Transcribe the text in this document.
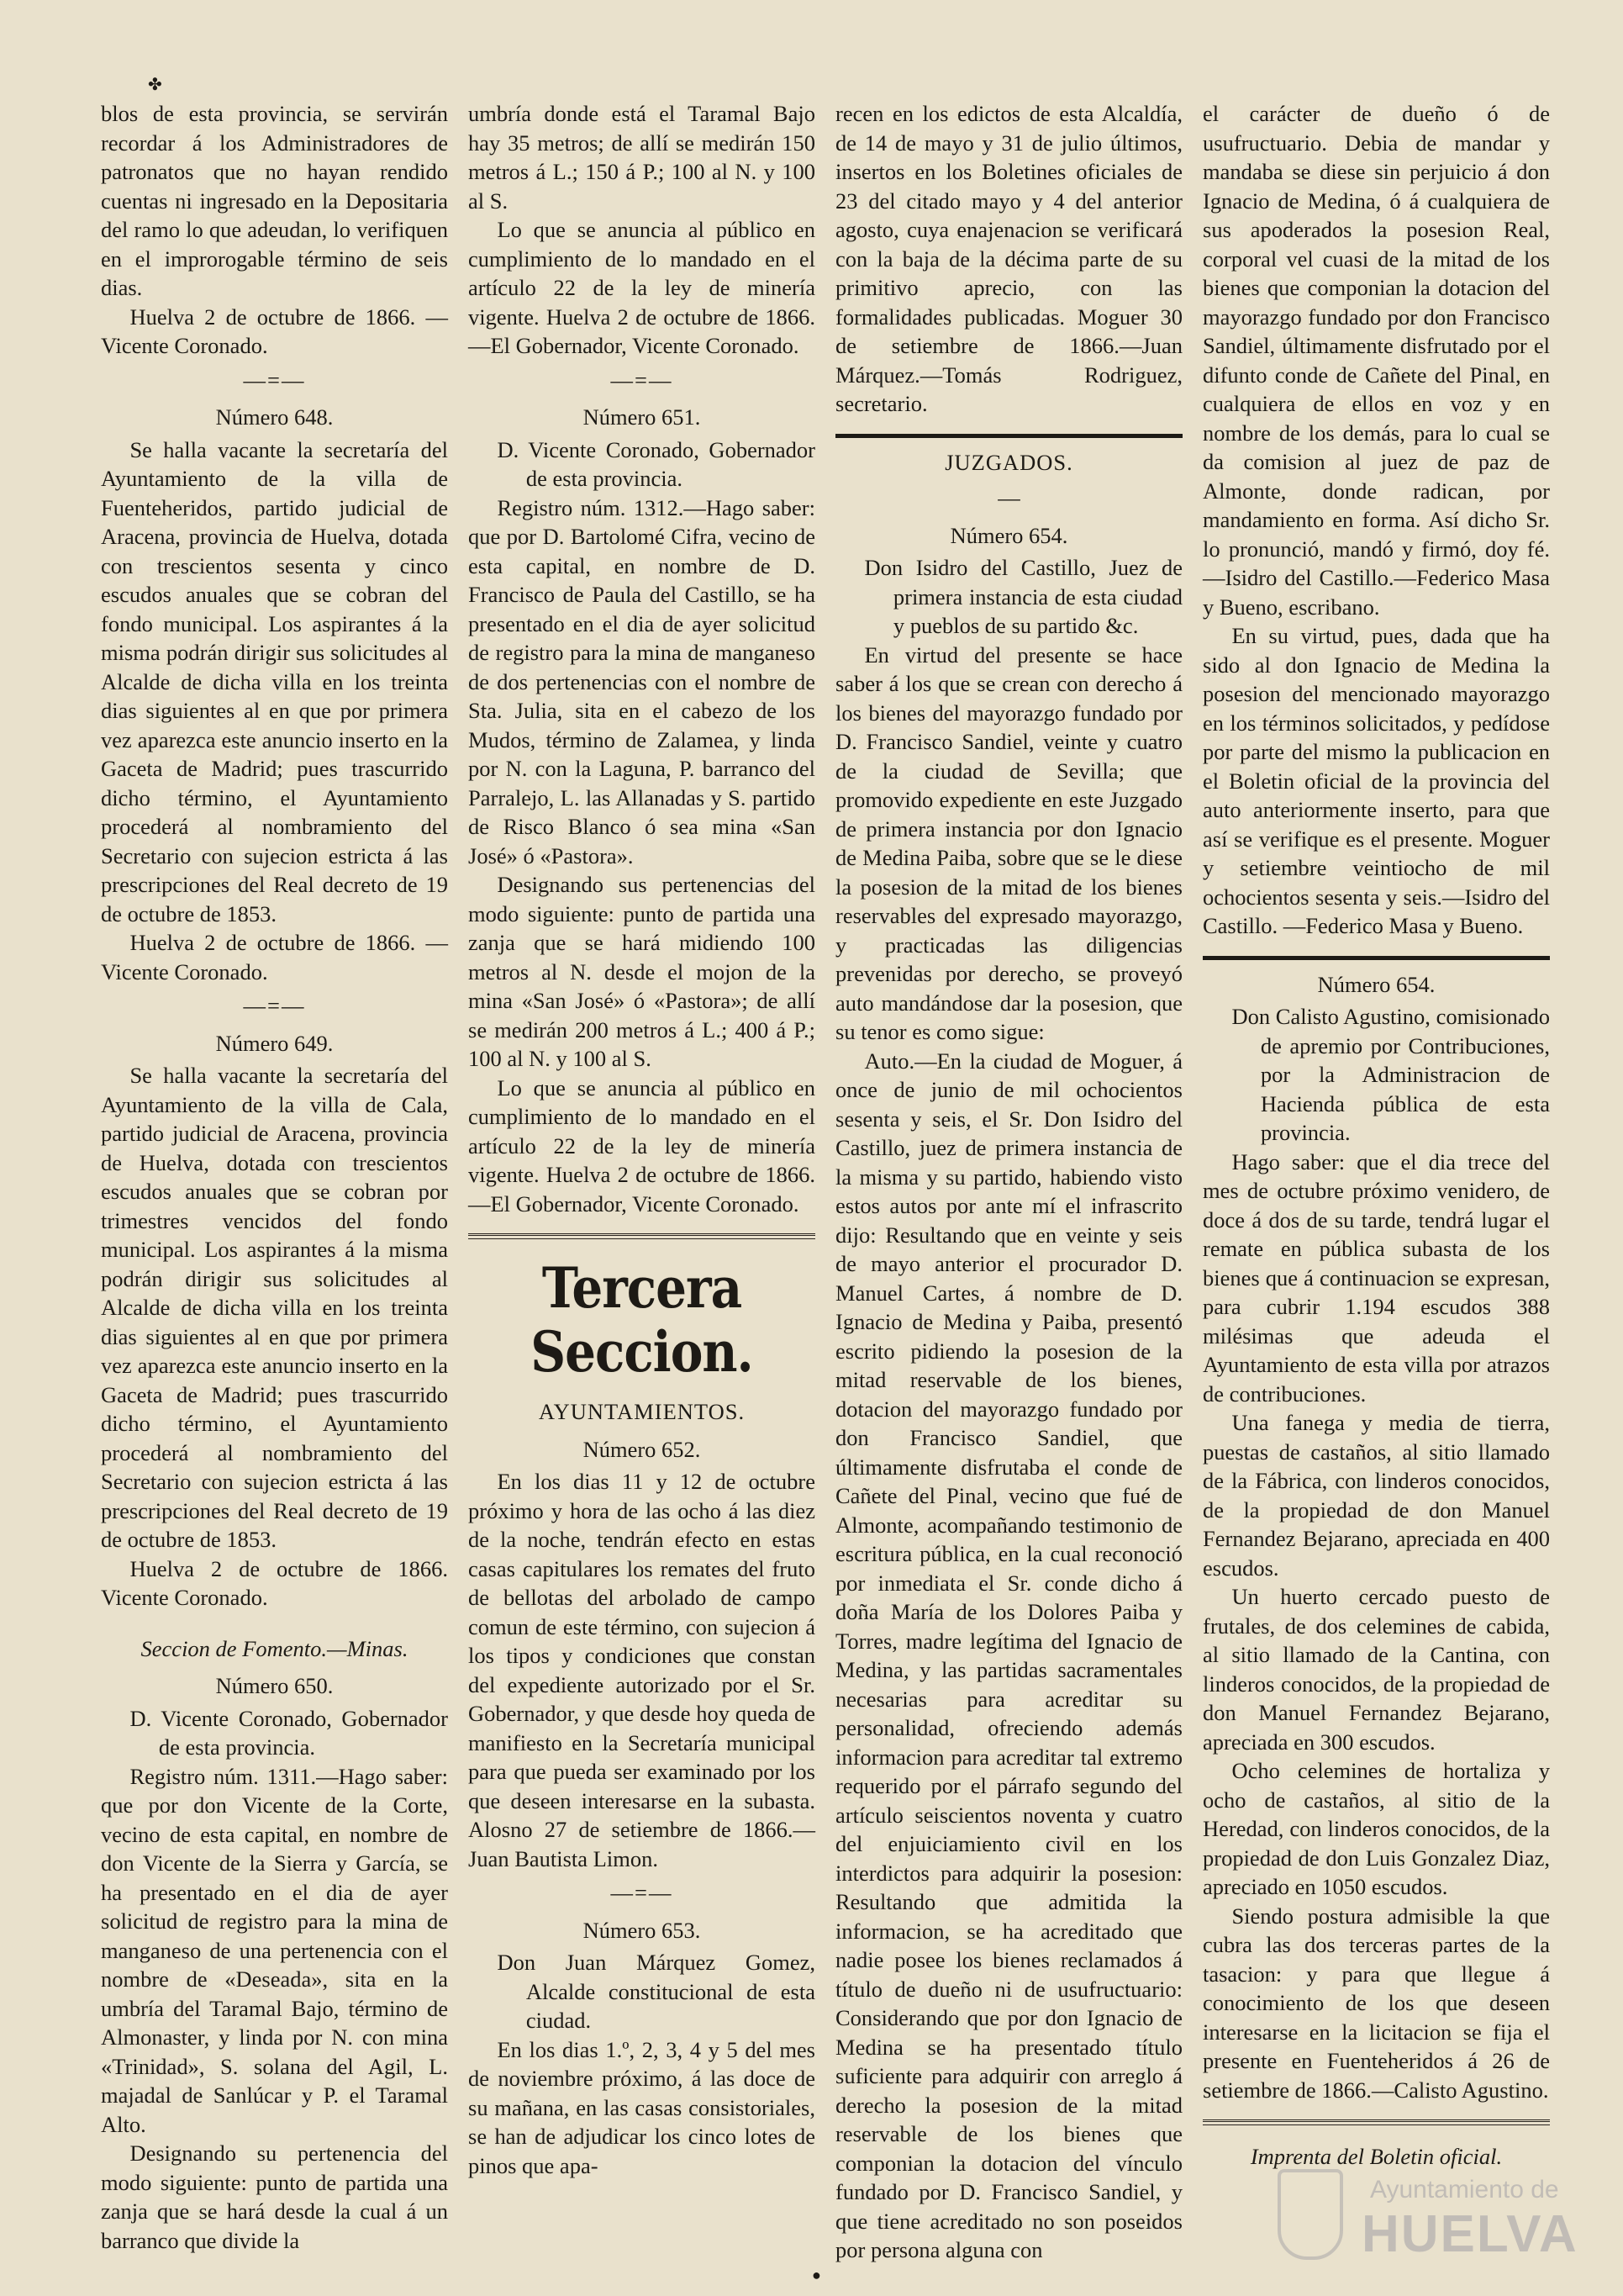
✤

blos de esta provincia, se servirán recordar á los Administradores de patronatos que no hayan rendido cuentas ni ingresado en la Depositaria del ramo lo que adeudan, lo verifiquen en el improrogable término de seis dias.

Huelva 2 de octubre de 1866. —Vicente Coronado.

—=—
Número 648.

Se halla vacante la secretaría del Ayuntamiento de la villa de Fuenteheridos, partido judicial de Aracena, provincia de Huelva, dotada con trescientos sesenta y cinco escudos anuales que se cobran del fondo municipal. Los aspirantes á la misma podrán dirigir sus solicitudes al Alcalde de dicha villa en los treinta dias siguientes al en que por primera vez aparezca este anuncio inserto en la Gaceta de Madrid; pues trascurrido dicho término, el Ayuntamiento procederá al nombramiento del Secretario con sujecion estricta á las prescripciones del Real decreto de 19 de octubre de 1853.

Huelva 2 de octubre de 1866. —Vicente Coronado.

—=—
Número 649.

Se halla vacante la secretaría del Ayuntamiento de la villa de Cala, partido judicial de Aracena, provincia de Huelva, dotada con trescientos escudos anuales que se cobran por trimestres vencidos del fondo municipal. Los aspirantes á la misma podrán dirigir sus solicitudes al Alcalde de dicha villa en los treinta dias siguientes al en que por primera vez aparezca este anuncio inserto en la Gaceta de Madrid; pues trascurrido dicho término, el Ayuntamiento procederá al nombramiento del Secretario con sujecion estricta á las prescripciones del Real decreto de 19 de octubre de 1853.

Huelva 2 de octubre de 1866. Vicente Coronado.

Seccion de Fomento.—Minas.
Número 650.

D. Vicente Coronado, Gobernador de esta provincia.

Registro núm. 1311.—Hago saber: que por don Vicente de la Corte, vecino de esta capital, en nombre de don Vicente de la Sierra y García, se ha presentado en el dia de ayer solicitud de registro para la mina de manganeso de una pertenencia con el nombre de «Deseada», sita en la umbría del Taramal Bajo, término de Almonaster, y linda por N. con mina «Trinidad», S. solana del Agil, L. majadal de Sanlúcar y P. el Taramal Alto.

Designando su pertenencia del modo siguiente: punto de partida una zanja que se hará desde la cual á un barranco que divide la

umbría donde está el Taramal Bajo hay 35 metros; de allí se medirán 150 metros á L.; 150 á P.; 100 al N. y 100 al S.

Lo que se anuncia al público en cumplimiento de lo mandado en el artículo 22 de la ley de minería vigente. Huelva 2 de octubre de 1866.—El Gobernador, Vicente Coronado.

—=—
Número 651.

D. Vicente Coronado, Gobernador de esta provincia.

Registro núm. 1312.—Hago saber: que por D. Bartolomé Cifra, vecino de esta capital, en nombre de D. Francisco de Paula del Castillo, se ha presentado en el dia de ayer solicitud de registro para la mina de manganeso de dos pertenencias con el nombre de Sta. Julia, sita en el cabezo de los Mudos, término de Zalamea, y linda por N. con la Laguna, P. barranco del Parralejo, L. las Allanadas y S. partido de Risco Blanco ó sea mina «San José» ó «Pastora».

Designando sus pertenencias del modo siguiente: punto de partida una zanja que se hará midiendo 100 metros al N. desde el mojon de la mina «San José» ó «Pastora»; de allí se medirán 200 metros á L.; 400 á P.; 100 al N. y 100 al S.

Lo que se anuncia al público en cumplimiento de lo mandado en el artículo 22 de la ley de minería vigente. Huelva 2 de octubre de 1866.—El Gobernador, Vicente Coronado.

Tercera Seccion.
AYUNTAMIENTOS.
Número 652.

En los dias 11 y 12 de octubre próximo y hora de las ocho á las diez de la noche, tendrán efecto en estas casas capitulares los remates del fruto de bellotas del arbolado de campo comun de este término, con sujecion á los tipos y condiciones que constan del expediente autorizado por el Sr. Gobernador, y que desde hoy queda de manifiesto en la Secretaría municipal para que pueda ser examinado por los que deseen interesarse en la subasta. Alosno 27 de setiembre de 1866.—Juan Bautista Limon.

—=—
Número 653.

Don Juan Márquez Gomez, Alcalde constitucional de esta ciudad.

En los dias 1.º, 2, 3, 4 y 5 del mes de noviembre próximo, á las doce de su mañana, en las casas consistoriales, se han de adjudicar los cinco lotes de pinos que apa-

recen en los edictos de esta Alcaldía, de 14 de mayo y 31 de julio últimos, insertos en los Boletines oficiales de 23 del citado mayo y 4 del anterior agosto, cuya enajenacion se verificará con la baja de la décima parte de su primitivo aprecio, con las formalidades publicadas. Moguer 30 de setiembre de 1866.—Juan Márquez.—Tomás Rodriguez, secretario.

JUZGADOS.
—
Número 654.

Don Isidro del Castillo, Juez de primera instancia de esta ciudad y pueblos de su partido &c.

En virtud del presente se hace saber á los que se crean con derecho á los bienes del mayorazgo fundado por D. Francisco Sandiel, veinte y cuatro de la ciudad de Sevilla; que promovido expediente en este Juzgado de primera instancia por don Ignacio de Medina Paiba, sobre que se le diese la posesion de la mitad de los bienes reservables del expresado mayorazgo, y practicadas las diligencias prevenidas por derecho, se proveyó auto mandándose dar la posesion, que su tenor es como sigue:

Auto.—En la ciudad de Moguer, á once de junio de mil ochocientos sesenta y seis, el Sr. Don Isidro del Castillo, juez de primera instancia de la misma y su partido, habiendo visto estos autos por ante mí el infrascrito dijo: Resultando que en veinte y seis de mayo anterior el procurador D. Manuel Cartes, á nombre de D. Ignacio de Medina y Paiba, presentó escrito pidiendo la posesion de la mitad reservable de los bienes, dotacion del mayorazgo fundado por don Francisco Sandiel, que últimamente disfrutaba el conde de Cañete del Pinal, vecino que fué de Almonte, acompañando testimonio de escritura pública, en la cual reconoció por inmediata el Sr. conde dicho á doña María de los Dolores Paiba y Torres, madre legítima del Ignacio de Medina, y las partidas sacramentales necesarias para acreditar su personalidad, ofreciendo además informacion para acreditar tal extremo requerido por el párrafo segundo del artículo seiscientos noventa y cuatro del enjuiciamiento civil en los interdictos para adquirir la posesion: Resultando que admitida la informacion, se ha acreditado que nadie posee los bienes reclamados á título de dueño ni de usufructuario: Considerando que por don Ignacio de Medina se ha presentado título suficiente para adquirir con arreglo á derecho la posesion de la mitad reservable de los bienes que componian la dotacion del vínculo fundado por D. Francisco Sandiel, y que tiene acreditado no son poseidos por persona alguna con

el carácter de dueño ó de usufructuario. Debia de mandar y mandaba se diese sin perjuicio á don Ignacio de Medina, ó á cualquiera de sus apoderados la posesion Real, corporal vel cuasi de la mitad de los bienes que componian la dotacion del mayorazgo fundado por don Francisco Sandiel, últimamente disfrutado por el difunto conde de Cañete del Pinal, en cualquiera de ellos en voz y en nombre de los demás, para lo cual se da comision al juez de paz de Almonte, donde radican, por mandamiento en forma. Así dicho Sr. lo pronunció, mandó y firmó, doy fé.—Isidro del Castillo.—Federico Masa y Bueno, escribano.

En su virtud, pues, dada que ha sido al don Ignacio de Medina la posesion del mencionado mayorazgo en los términos solicitados, y pedídose por parte del mismo la publicacion en el Boletin oficial de la provincia del auto anteriormente inserto, para que así se verifique es el presente. Moguer y setiembre veintiocho de mil ochocientos sesenta y seis.—Isidro del Castillo. —Federico Masa y Bueno.

Número 654.

Don Calisto Agustino, comisionado de apremio por Contribuciones, por la Administracion de Hacienda pública de esta provincia.

Hago saber: que el dia trece del mes de octubre próximo venidero, de doce á dos de su tarde, tendrá lugar el remate en pública subasta de los bienes que á continuacion se expresan, para cubrir 1.194 escudos 388 milésimas que adeuda el Ayuntamiento de esta villa por atrazos de contribuciones.

Una fanega y media de tierra, puestas de castaños, al sitio llamado de la Fábrica, con linderos conocidos, de la propiedad de don Manuel Fernandez Bejarano, apreciada en 400 escudos.

Un huerto cercado puesto de frutales, de dos celemines de cabida, al sitio llamado de la Cantina, con linderos conocidos, de la propiedad de don Manuel Fernandez Bejarano, apreciada en 300 escudos.

Ocho celemines de hortaliza y ocho de castaños, al sitio de la Heredad, con linderos conocidos, de la propiedad de don Luis Gonzalez Diaz, apreciado en 1050 escudos.

Siendo postura admisible la que cubra las dos terceras partes de la tasacion: y para que llegue á conocimiento de los que deseen interesarse en la licitacion se fija el presente en Fuenteheridos á 26 de setiembre de 1866.—Calisto Agustino.

Imprenta del Boletin oficial.
●
Ayuntamiento de
HUELVA
